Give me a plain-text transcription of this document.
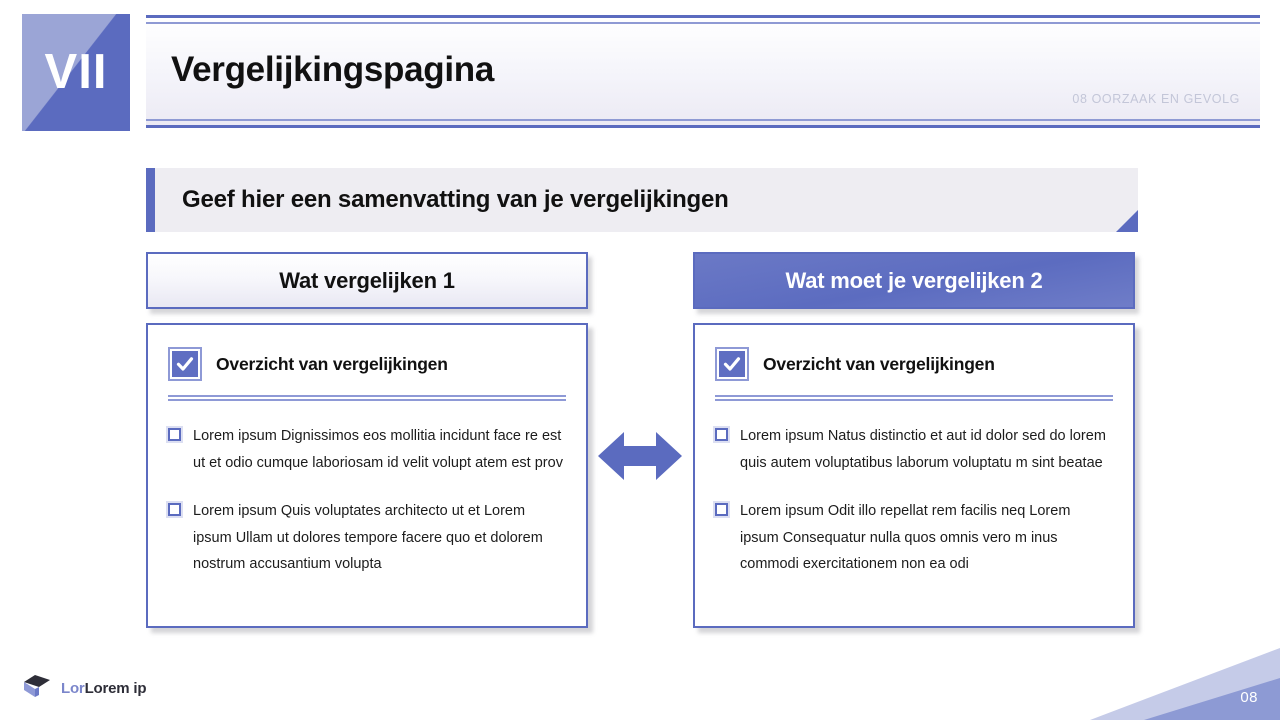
VII Vergelijkingspagina
08 OORZAAK EN GEVOLG
Geef hier een samenvatting van je vergelijkingen
Wat vergelijken 1	Wat moet je vergelijken 2
Overzicht van vergelijkingen
Lorem ipsum Dignissimos eos mollitia incidunt face re est ut et odio cumque laboriosam id velit volupt atem est prov
Lorem ipsum Quis voluptates architecto ut et Lorem ipsum Ullam ut dolores tempore facere quo et dolorem nostrum accusantium volupta
Overzicht van vergelijkingen
Lorem ipsum Natus distinctio et aut id dolor sed do lorem quis autem voluptatibus laborum voluptatu m sint beatae
Lorem ipsum Odit illo repellat rem facilis neq Lorem ipsum Consequatur nulla quos omnis vero m inus commodi exercitationem non ea odi
LorLorem ip
08
